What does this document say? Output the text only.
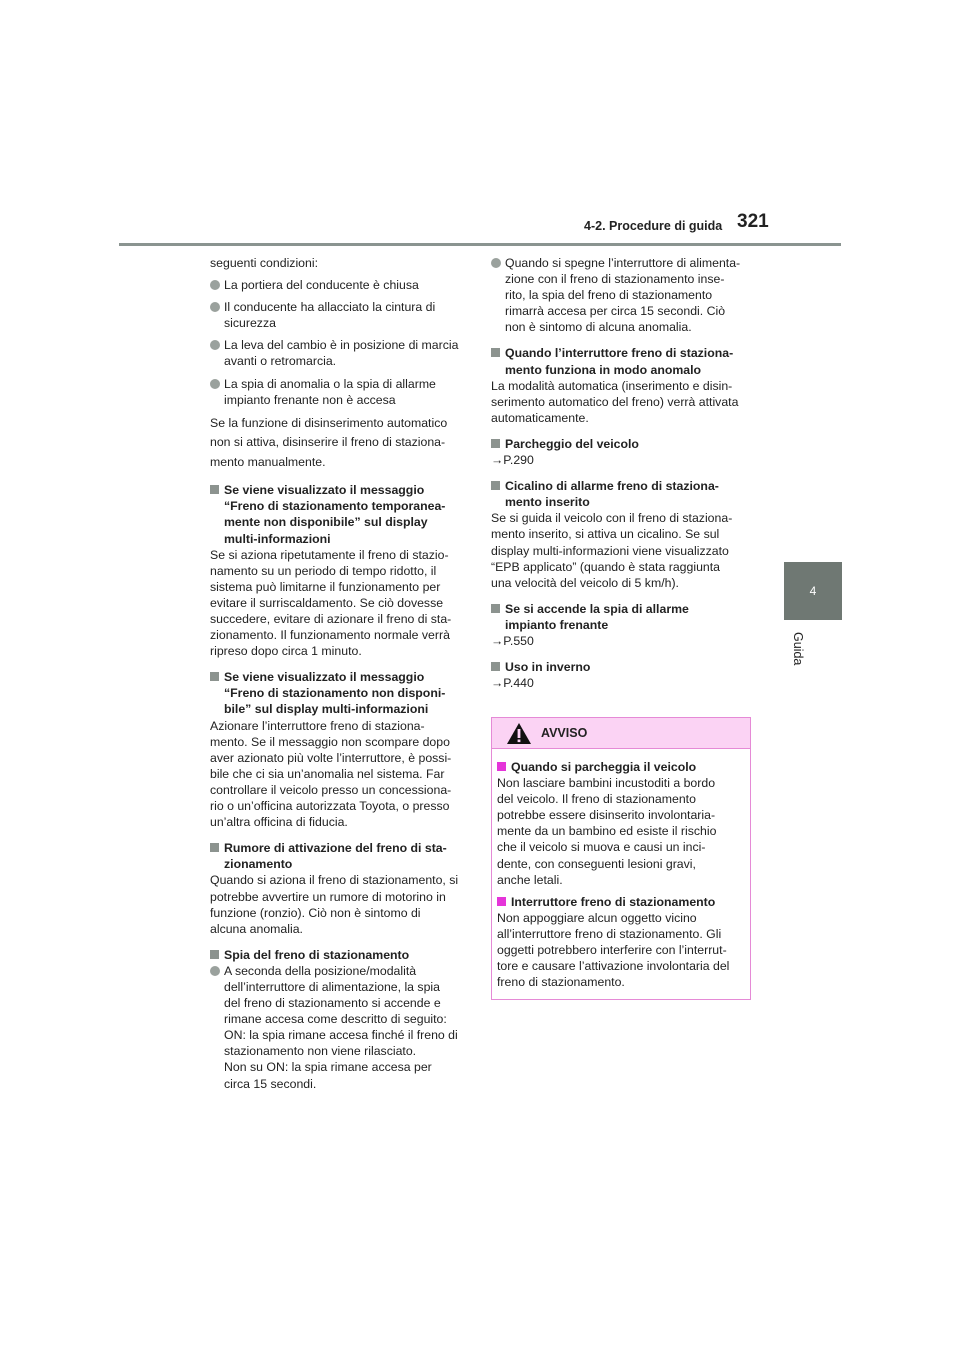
4-2. Procedure di guida 321
4
Guida
seguenti condizioni:
La portiera del conducente è chiusa
Il conducente ha allacciato la cintura di
sicurezza
La leva del cambio è in posizione di marcia
avanti o retromarcia.
La spia di anomalia o la spia di allarme
impianto frenante non è accesa
Se la funzione di disinserimento automatico
non si attiva, disinserire il freno di staziona-
mento manualmente.
Se viene visualizzato il messaggio
“Freno di stazionamento temporanea-
mente non disponibile” sul display
multi-informazioni
Se si aziona ripetutamente il freno di stazio-
namento su un periodo di tempo ridotto, il
sistema può limitarne il funzionamento per
evitare il surriscaldamento. Se ciò dovesse
succedere, evitare di azionare il freno di sta-
zionamento. Il funzionamento normale verrà
ripreso dopo circa 1 minuto.
Se viene visualizzato il messaggio
“Freno di stazionamento non disponi-
bile” sul display multi-informazioni
Azionare l’interruttore freno di staziona-
mento. Se il messaggio non scompare dopo
aver azionato più volte l’interruttore, è possi-
bile che ci sia un’anomalia nel sistema. Far
controllare il veicolo presso un concessiona-
rio o un’officina autorizzata Toyota, o presso
un’altra officina di fiducia.
Rumore di attivazione del freno di sta-
zionamento
Quando si aziona il freno di stazionamento, si
potrebbe avvertire un rumore di motorino in
funzione (ronzio). Ciò non è sintomo di
alcuna anomalia.
Spia del freno di stazionamento
A seconda della posizione/modalità
dell’interruttore di alimentazione, la spia
del freno di stazionamento si accende e
rimane accesa come descritto di seguito:
ON: la spia rimane accesa finché il freno di
stazionamento non viene rilasciato.
Non su ON: la spia rimane accesa per
circa 15 secondi.
Quando si spegne l’interruttore di alimenta-
zione con il freno di stazionamento inse-
rito, la spia del freno di stazionamento
rimarrà accesa per circa 15 secondi. Ciò
non è sintomo di alcuna anomalia.
Quando l’interruttore freno di staziona-
mento funziona in modo anomalo
La modalità automatica (inserimento e disin-
serimento automatico del freno) verrà attivata
automaticamente.
Parcheggio del veicolo
→P.290
Cicalino di allarme freno di staziona-
mento inserito
Se si guida il veicolo con il freno di staziona-
mento inserito, si attiva un cicalino. Se sul
display multi-informazioni viene visualizzato
“EPB applicato” (quando è stata raggiunta
una velocità del veicolo di 5 km/h).
Se si accende la spia di allarme
impianto frenante
→P.550
Uso in inverno
→P.440
AVVISO
Quando si parcheggia il veicolo
Non lasciare bambini incustoditi a bordo
del veicolo. Il freno di stazionamento
potrebbe essere disinserito involontaria-
mente da un bambino ed esiste il rischio
che il veicolo si muova e causi un inci-
dente, con conseguenti lesioni gravi,
anche letali.
Interruttore freno di stazionamento
Non appoggiare alcun oggetto vicino
all’interruttore freno di stazionamento. Gli
oggetti potrebbero interferire con l’interrut-
tore e causare l’attivazione involontaria del
freno di stazionamento.
